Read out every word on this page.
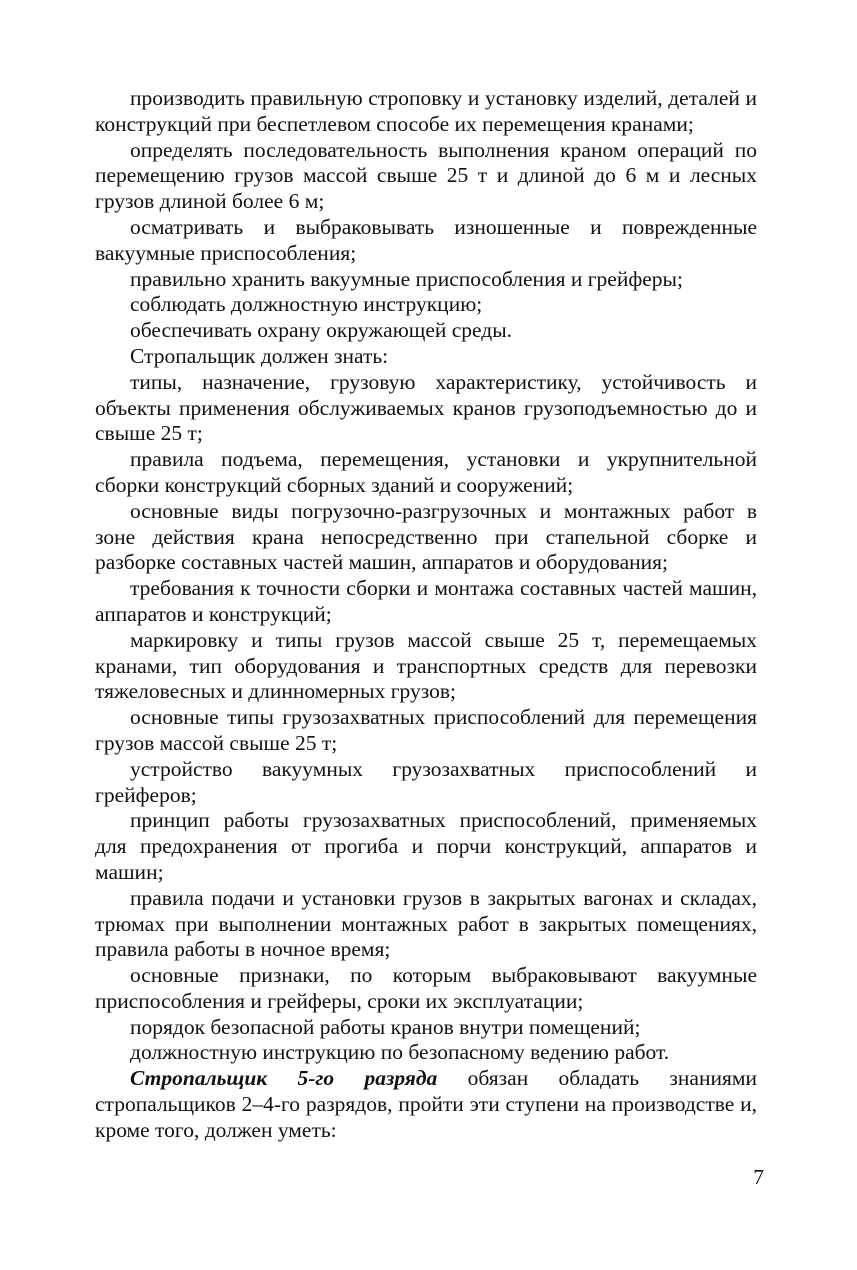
производить правильную строповку и установку изделий, деталей и конструкций при беспетлевом способе их перемещения кранами;

определять последовательность выполнения краном операций по перемещению грузов массой свыше 25 т и длиной до 6 м и лесных грузов длиной более 6 м;

осматривать и выбраковывать изношенные и поврежденные вакуумные приспособления;

правильно хранить вакуумные приспособления и грейферы;

соблюдать должностную инструкцию;

обеспечивать охрану окружающей среды.

Стропальщик должен знать:

типы, назначение, грузовую характеристику, устойчивость и объекты применения обслуживаемых кранов грузоподъемностью до и свыше 25 т;

правила подъема, перемещения, установки и укрупнительной сборки конструкций сборных зданий и сооружений;

основные виды погрузочно-разгрузочных и монтажных работ в зоне действия крана непосредственно при стапельной сборке и разборке составных частей машин, аппаратов и оборудования;

требования к точности сборки и монтажа составных частей машин, аппаратов и конструкций;

маркировку и типы грузов массой свыше 25 т, перемещаемых кранами, тип оборудования и транспортных средств для перевозки тяжеловесных и длинномерных грузов;

основные типы грузозахватных приспособлений для перемещения грузов массой свыше 25 т;

устройство вакуумных грузозахватных приспособлений и грейферов;

принцип работы грузозахватных приспособлений, применяемых для предохранения от прогиба и порчи конструкций, аппаратов и машин;

правила подачи и установки грузов в закрытых вагонах и складах, трюмах при выполнении монтажных работ в закрытых помещениях, правила работы в ночное время;

основные признаки, по которым выбраковывают вакуумные приспособления и грейферы, сроки их эксплуатации;

порядок безопасной работы кранов внутри помещений;

должностную инструкцию по безопасному ведению работ.

Стропальщик 5-го разряда обязан обладать знаниями стропальщиков 2–4-го разрядов, пройти эти ступени на производстве и, кроме того, должен уметь:

7
